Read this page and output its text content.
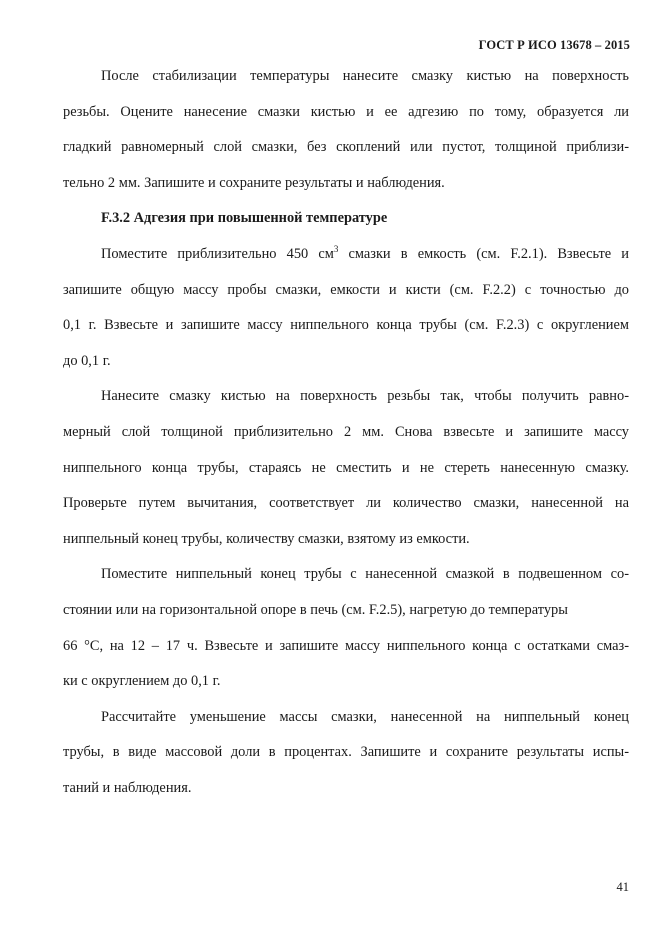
ГОСТ Р ИСО 13678 – 2015
После стабилизации температуры нанесите смазку кистью на поверхность
резьбы. Оцените нанесение смазки кистью и ее адгезию по тому, образуется ли
гладкий равномерный слой смазки, без скоплений или пустот, толщиной приблизи-
тельно 2 мм. Запишите и сохраните результаты и наблюдения.
F.3.2 Адгезия при повышенной температуре
Поместите приблизительно 450 $см^3$ смазки в емкость (см. F.2.1). Взвесьте и
запишите общую массу пробы смазки, емкости и кисти (см. F.2.2) с точностью до
0,1 г. Взвесьте и запишите массу ниппельного конца трубы (см. F.2.3) с округлением
до 0,1 г.
Нанесите смазку кистью на поверхность резьбы так, чтобы получить равно-
мерный слой толщиной приблизительно 2 мм. Снова взвесьте и запишите массу
ниппельного конца трубы, стараясь не сместить и не стереть нанесенную смазку.
Проверьте путем вычитания, соответствует ли количество смазки, нанесенной на
ниппельный конец трубы, количеству смазки, взятому из емкости.
Поместите ниппельный конец трубы с нанесенной смазкой в подвешенном со-
стоянии или на горизонтальной опоре в печь (см. F.2.5), нагретую до температуры
66 °С, на 12 – 17 ч. Взвесьте и запишите массу ниппельного конца с остатками смаз-
ки с округлением до 0,1 г.
Рассчитайте уменьшение массы смазки, нанесенной на ниппельный конец
трубы, в виде массовой доли в процентах. Запишите и сохраните результаты испы-
таний и наблюдения.
41
